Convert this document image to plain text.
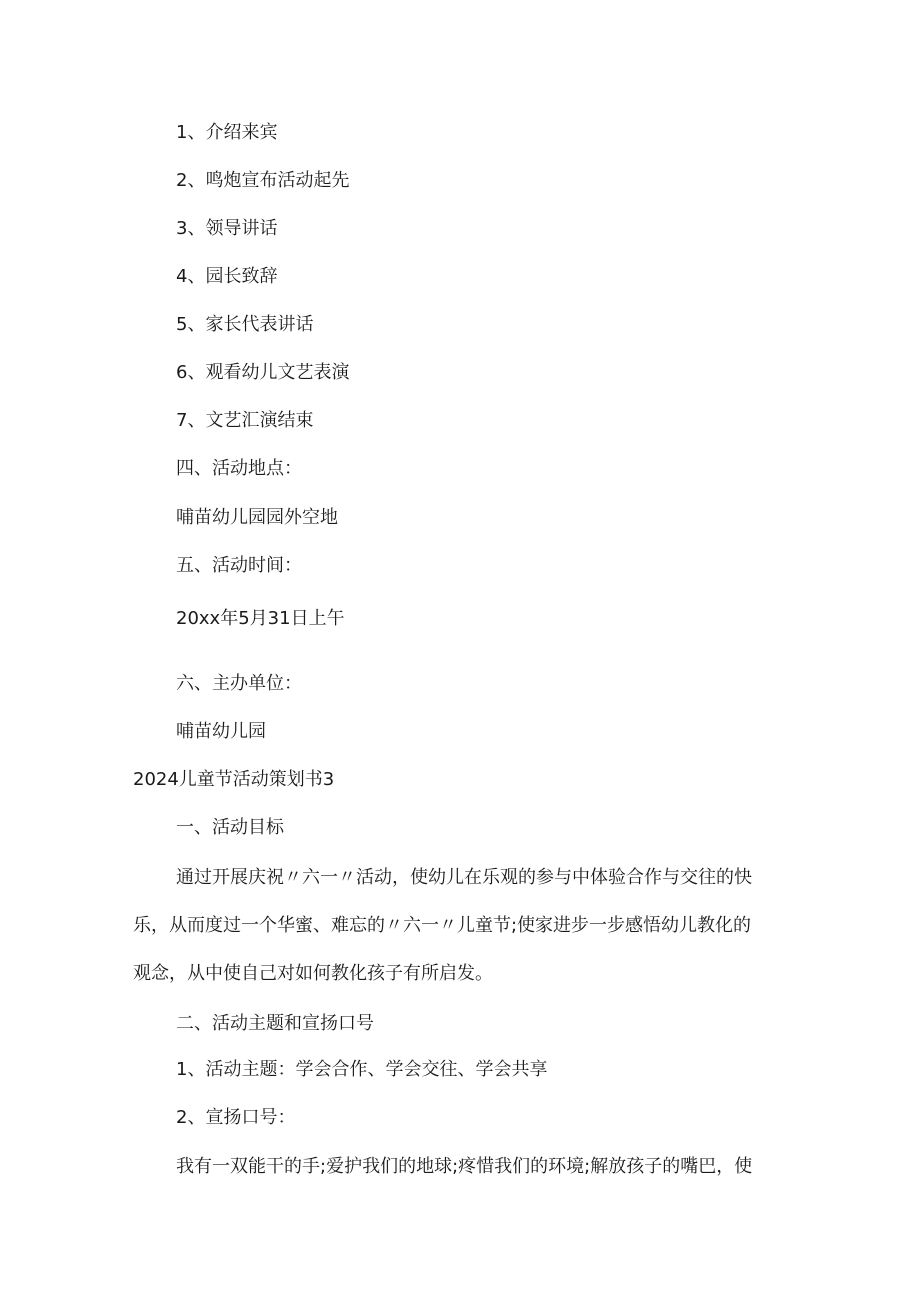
1、介绍来宾

2、鸣炮宣布活动起先

3、领导讲话

4、园长致辞

5、家长代表讲话

6、观看幼儿文艺表演

7、文艺汇演结束

四、活动地点：

哺苗幼儿园园外空地

五、活动时间：

20xx年5月31日上午

六、主办单位：

哺苗幼儿园

2024儿童节活动策划书3

一、活动目标

通过开展庆祝〃六一〃活动，使幼儿在乐观的参与中体验合作与交往的快

乐，从而度过一个华蜜、难忘的〃六一〃儿童节;使家进步一步感悟幼儿教化的

观念，从中使自己对如何教化孩子有所启发。

二、活动主题和宣扬口号

1、活动主题：学会合作、学会交往、学会共享

2、宣扬口号：

我有一双能干的手;爱护我们的地球;疼惜我们的环境;解放孩子的嘴巴，使
